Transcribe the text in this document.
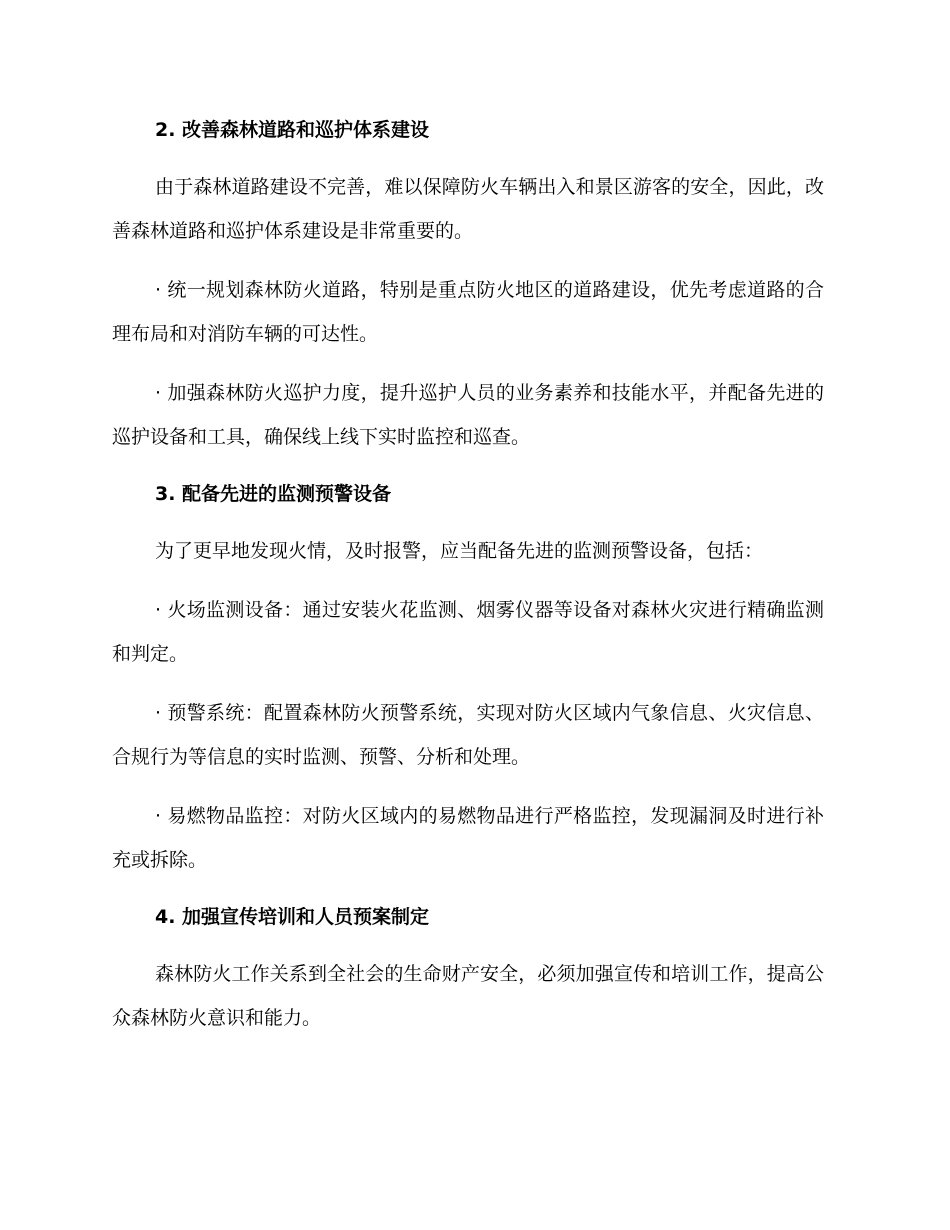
2. 改善森林道路和巡护体系建设

由于森林道路建设不完善，难以保障防火车辆出入和景区游客的安全，因此，改善森林道路和巡护体系建设是非常重要的。

· 统一规划森林防火道路，特别是重点防火地区的道路建设，优先考虑道路的合理布局和对消防车辆的可达性。

· 加强森林防火巡护力度，提升巡护人员的业务素养和技能水平，并配备先进的巡护设备和工具，确保线上线下实时监控和巡查。

3. 配备先进的监测预警设备

为了更早地发现火情，及时报警，应当配备先进的监测预警设备，包括：

· 火场监测设备：通过安装火花监测、烟雾仪器等设备对森林火灾进行精确监测和判定。

· 预警系统：配置森林防火预警系统，实现对防火区域内气象信息、火灾信息、合规行为等信息的实时监测、预警、分析和处理。

· 易燃物品监控：对防火区域内的易燃物品进行严格监控，发现漏洞及时进行补充或拆除。

4. 加强宣传培训和人员预案制定

森林防火工作关系到全社会的生命财产安全，必须加强宣传和培训工作，提高公众森林防火意识和能力。
